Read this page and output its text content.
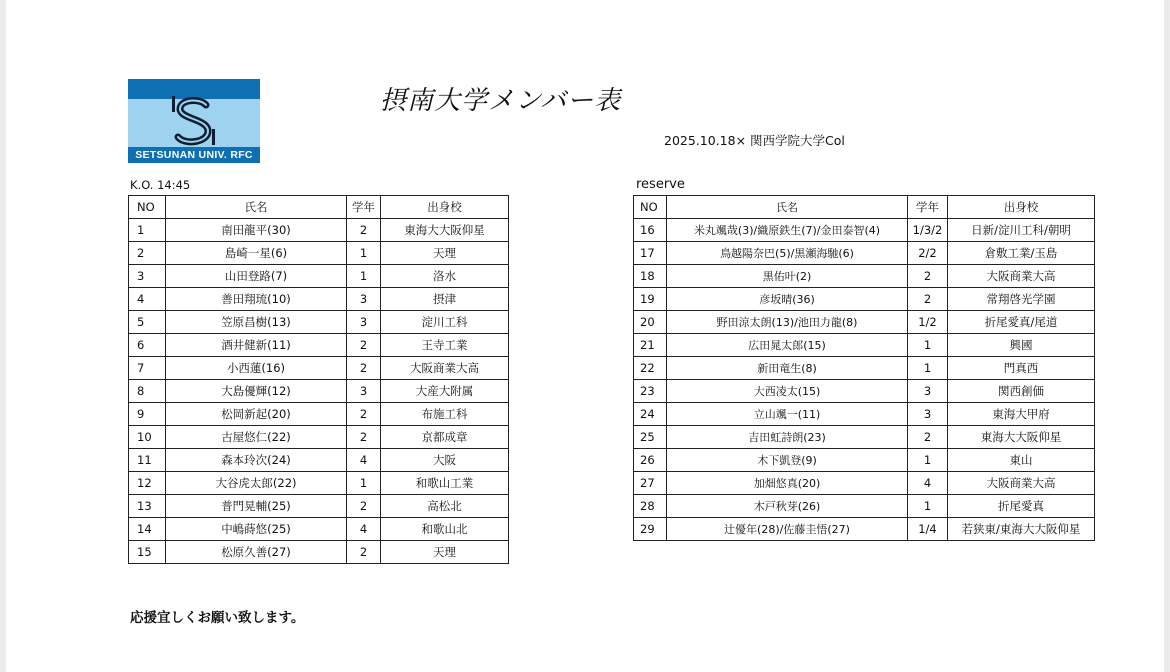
SETSUNAN UNIV. RFC
摂南大学メンバー表
2025.10.18× 関西学院大学Col
K.O. 14:45	reserve
NO	氏名	学年	出身校
1	南田龍平(30)	2	東海大大阪仰星
2	島崎一星(6)	1	天理
3	山田登路(7)	1	洛水
4	善田翔琉(10)	3	摂津
5	笠原昌樹(13)	3	淀川工科
6	酒井健新(11)	2	王寺工業
7	小西蓮(16)	2	大阪商業大高
8	大島優輝(12)	3	大産大附属
9	松岡新起(20)	2	布施工科
10	古屋悠仁(22)	2	京都成章
11	森本玲次(24)	4	大阪
12	大谷虎太郎(22)	1	和歌山工業
13	普門晃輔(25)	2	高松北
14	中嶋蒔悠(25)	4	和歌山北
15	松原久善(27)	2	天理
NO	氏名	学年	出身校
16	米丸颯哉(3)/織原鉄生(7)/金田泰智(4)	1/3/2	日新/淀川工科/朝明
17	鳥越陽奈巴(5)/黒瀬海馳(6)	2/2	倉敷工業/玉島
18	黒佑叶(2)	2	大阪商業大高
19	彦坂晴(36)	2	常翔啓光学園
20	野田涼太朗(13)/池田力龍(8)	1/2	折尾愛真/尾道
21	広田晁太郎(15)	1	興國
22	新田竜生(8)	1	門真西
23	大西凌太(15)	3	関西創価
24	立山颯一(11)	3	東海大甲府
25	吉田虹詩朗(23)	2	東海大大阪仰星
26	木下凱登(9)	1	東山
27	加畑悠真(20)	4	大阪商業大高
28	木戸秋芽(26)	1	折尾愛真
29	辻優年(28)/佐藤圭悟(27)	1/4	若狭東/東海大大阪仰星
応援宜しくお願い致します。
